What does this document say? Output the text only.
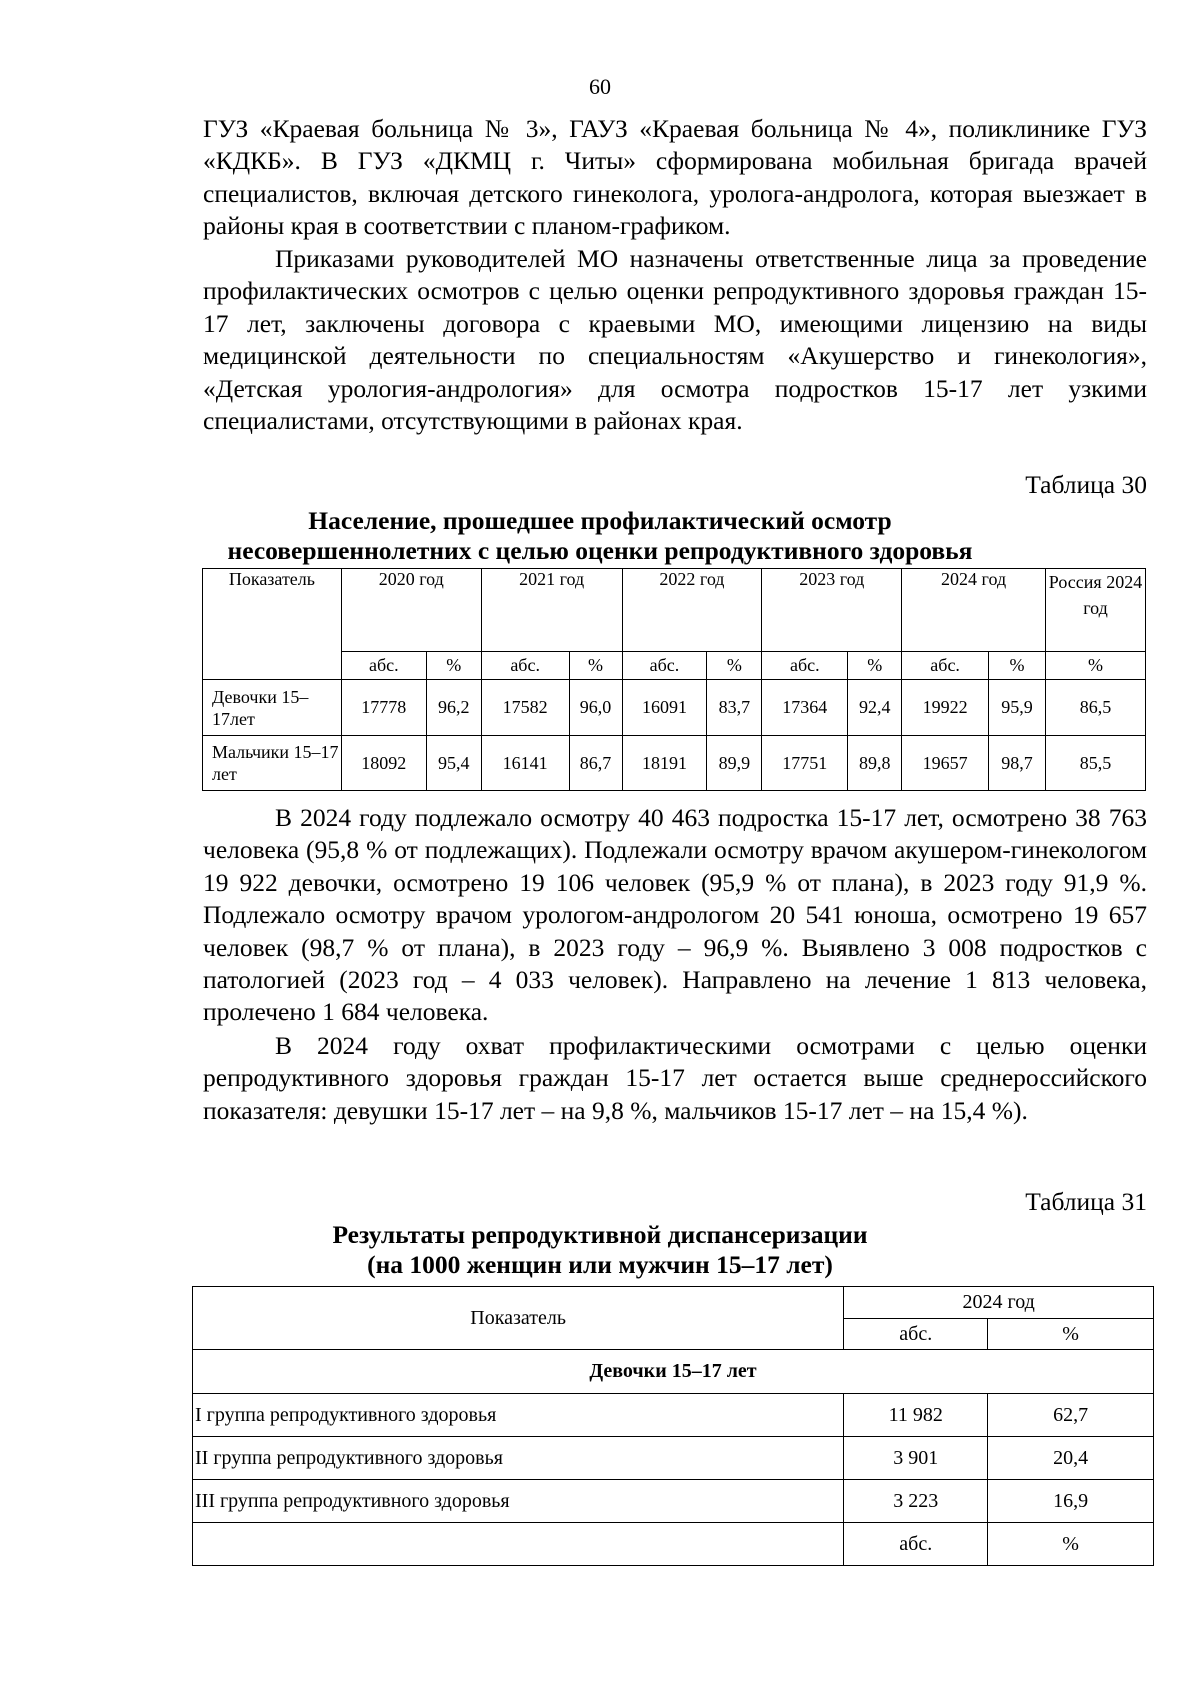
60

ГУЗ «Краевая больница № 3», ГАУЗ «Краевая больница № 4», поликлинике ГУЗ «КДКБ». В ГУЗ «ДКМЦ г. Читы» сформирована мобильная бригада врачей специалистов, включая детского гинеколога, уролога-андролога, которая выезжает в районы края в соответствии с планом-графиком.

Приказами руководителей МО назначены ответственные лица за проведение профилактических осмотров с целью оценки репродуктивного здоровья граждан 15-17 лет, заключены договора с краевыми МО, имеющими лицензию на виды медицинской деятельности по специальностям «Акушерство и гинекология», «Детская урология-андрология» для осмотра подростков 15-17 лет узкими специалистами, отсутствующими в районах края.

Таблица 30
Население, прошедшее профилактический осмотр
несовершеннолетних с целью оценки репродуктивного здоровья
Показатель	2020 год		2021 год		2022 год		2023 год		2024 год		Россия 2024 год
	абс.	%	абс.	%	абс.	%	абс.	%	абс.	%	%
Девочки 15–17лет	17778	96,2	17582	96,0	16091	83,7	17364	92,4	19922	95,9	86,5
Мальчики 15–17 лет	18092	95,4	16141	86,7	18191	89,9	17751	89,8	19657	98,7	85,5

В 2024 году подлежало осмотру 40 463 подростка 15-17 лет, осмотрено 38 763 человека (95,8 % от подлежащих). Подлежали осмотру врачом акушером-гинекологом 19 922 девочки, осмотрено 19 106 человек (95,9 % от плана), в 2023 году 91,9 %. Подлежало осмотру врачом урологом-андрологом 20 541 юноша, осмотрено 19 657 человек (98,7 % от плана), в 2023 году – 96,9 %. Выявлено 3 008 подростков с патологией (2023 год – 4 033 человек). Направлено на лечение 1 813 человека, пролечено 1 684 человека.

В 2024 году охват профилактическими осмотрами с целью оценки репродуктивного здоровья граждан 15-17 лет остается выше среднероссийского показателя: девушки 15-17 лет – на 9,8 %, мальчиков 15-17 лет – на 15,4 %).

Таблица 31
Результаты репродуктивной диспансеризации
(на 1000 женщин или мужчин 15–17 лет)
Показатель	2024 год	
	абс.	%
Девочки 15–17 лет		
I группа репродуктивного здоровья	11 982	62,7
II группа репродуктивного здоровья	3 901	20,4
III группа репродуктивного здоровья	3 223	16,9
	абс.	%
